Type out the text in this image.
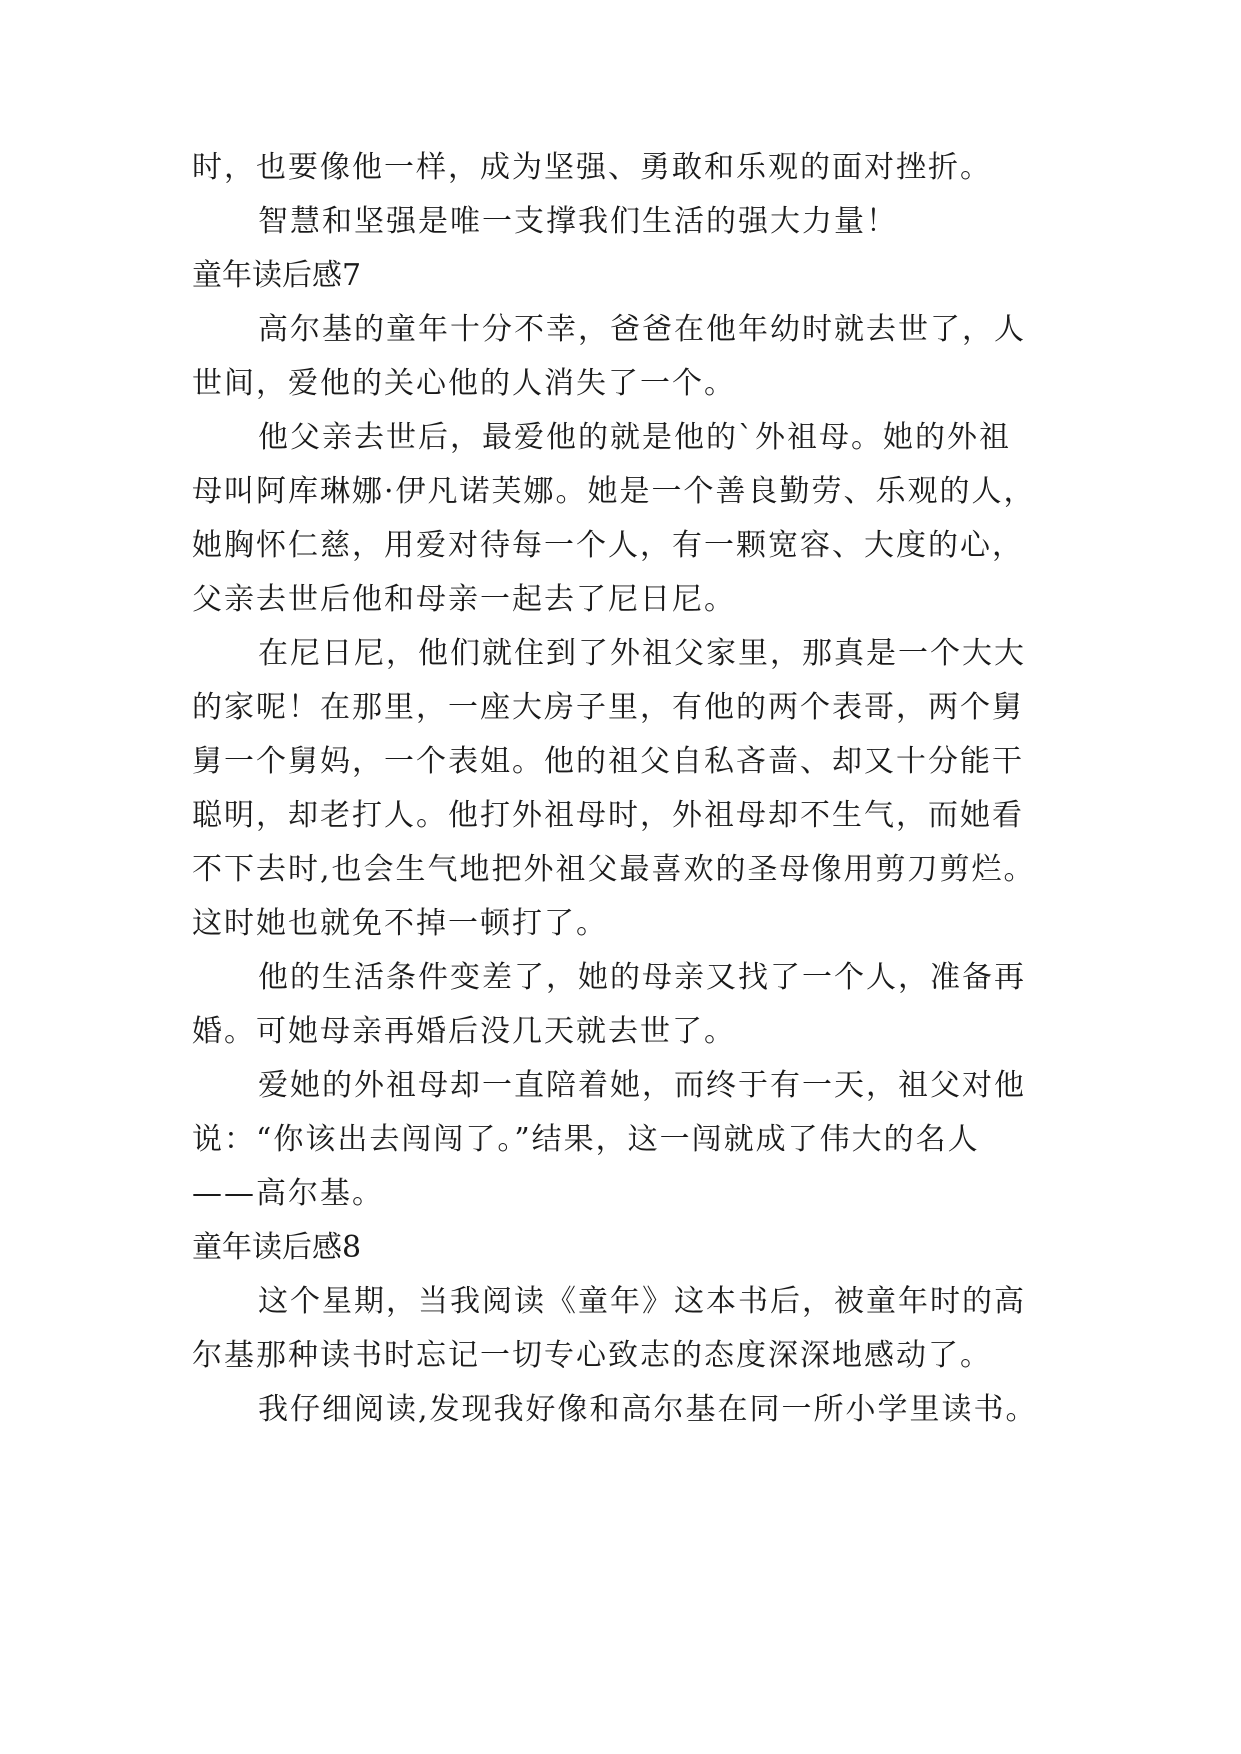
时，也要像他一样，成为坚强、勇敢和乐观的面对挫折。
智慧和坚强是唯一支撑我们生活的强大力量！
童年读后感7
高尔基的童年十分不幸，爸爸在他年幼时就去世了，人
世间，爱他的关心他的人消失了一个。
他父亲去世后，最爱他的就是他的`外祖母。她的外祖
母叫阿库琳娜·伊凡诺芙娜。她是一个善良勤劳、乐观的人，
她胸怀仁慈，用爱对待每一个人，有一颗宽容、大度的心，
父亲去世后他和母亲一起去了尼日尼。
在尼日尼，他们就住到了外祖父家里，那真是一个大大
的家呢！在那里，一座大房子里，有他的两个表哥，两个舅
舅一个舅妈，一个表姐。他的祖父自私吝啬、却又十分能干
聪明，却老打人。他打外祖母时，外祖母却不生气，而她看
不下去时,也会生气地把外祖父最喜欢的圣母像用剪刀剪烂。
这时她也就免不掉一顿打了。
他的生活条件变差了，她的母亲又找了一个人，准备再
婚。可她母亲再婚后没几天就去世了。
爱她的外祖母却一直陪着她，而终于有一天，祖父对他
说：“你该出去闯闯了。”结果，这一闯就成了伟大的名人
——高尔基。
童年读后感8
这个星期，当我阅读《童年》这本书后，被童年时的高
尔基那种读书时忘记一切专心致志的态度深深地感动了。
我仔细阅读,发现我好像和高尔基在同一所小学里读书。
